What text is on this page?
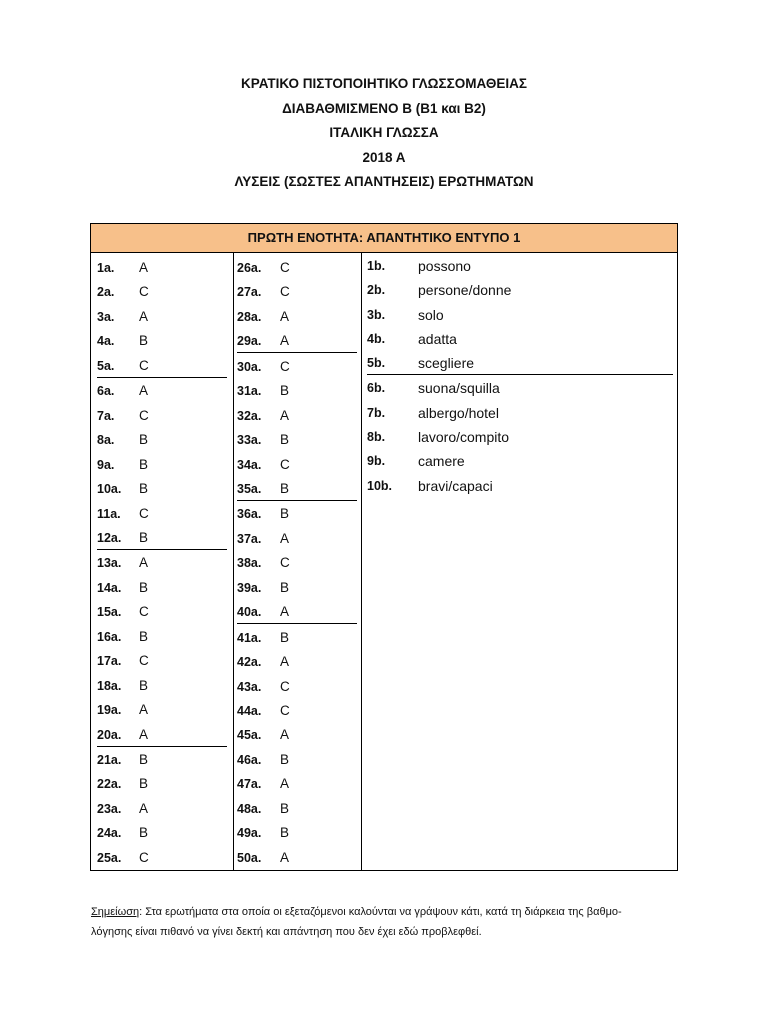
ΚΡΑΤΙΚΟ ΠΙΣΤΟΠΟΙΗΤΙΚΟ ΓΛΩΣΣΟΜΑΘΕΙΑΣ
ΔΙΑΒΑΘΜΙΣΜΕΝΟ Β (Β1 και Β2)
ΙΤΑΛΙΚΗ ΓΛΩΣΣΑ
2018 Α
ΛΥΣΕΙΣ (ΣΩΣΤΕΣ ΑΠΑΝΤΗΣΕΙΣ) ΕΡΩΤΗΜΑΤΩΝ
ΠΡΩΤΗ ΕΝΟΤΗΤΑ: ΑΠΑΝΤΗΤΙΚΟ ΕΝΤΥΠΟ 1
1a. A
2a. C
3a. A
4a. B
5a. C
6a. A
7a. C
8a. B
9a. B
10a. B
11a. C
12a. B
13a. A
14a. B
15a. C
16a. B
17a. C
18a. B
19a. A
20a. A
21a. B
22a. B
23a. A
24a. B
25a. C
26a. C
27a. C
28a. A
29a. A
30a. C
31a. B
32a. A
33a. B
34a. C
35a. B
36a. B
37a. A
38a. C
39a. B
40a. A
41a. B
42a. A
43a. C
44a. C
45a. A
46a. B
47a. A
48a. B
49a. B
50a. A
1b. possono
2b. persone/donne
3b. solo
4b. adatta
5b. scegliere
6b. suona/squilla
7b. albergo/hotel
8b. lavoro/compito
9b. camere
10b. bravi/capaci
Σημείωση: Στα ερωτήματα στα οποία οι εξεταζόμενοι καλούνται να γράψουν κάτι, κατά τη διάρκεια της βαθμο-
λόγησης είναι πιθανό να γίνει δεκτή και απάντηση που δεν έχει εδώ προβλεφθεί.
